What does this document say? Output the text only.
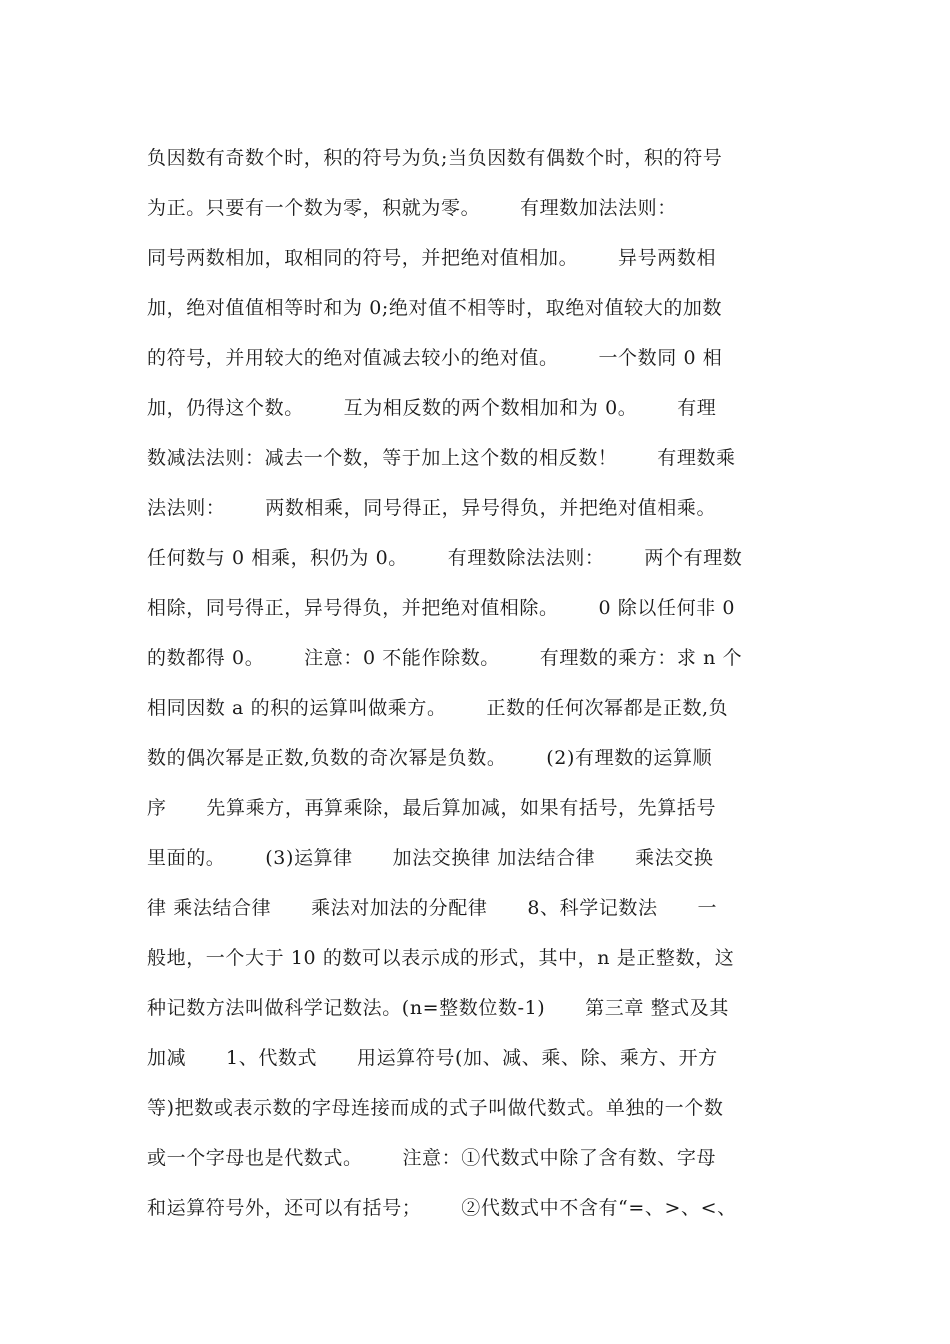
负因数有奇数个时，积的符号为负;当负因数有偶数个时，积的符号
为正。只要有一个数为零，积就为零。      有理数加法法则：
同号两数相加，取相同的符号，并把绝对值相加。      异号两数相
加，绝对值值相等时和为 0;绝对值不相等时，取绝对值较大的加数
的符号，并用较大的绝对值减去较小的绝对值。      一个数同 0 相
加，仍得这个数。      互为相反数的两个数相加和为 0。      有理
数减法法则：减去一个数，等于加上这个数的相反数！      有理数乘
法法则：      两数相乘，同号得正，异号得负，并把绝对值相乘。
任何数与 0 相乘，积仍为 0。      有理数除法法则：      两个有理数
相除，同号得正，异号得负，并把绝对值相除。      0 除以任何非 0
的数都得 0。      注意：0 不能作除数。      有理数的乘方：求 n 个
相同因数 a 的积的运算叫做乘方。      正数的任何次幂都是正数,负
数的偶次幂是正数,负数的奇次幂是负数。      (2)有理数的运算顺
序      先算乘方，再算乘除，最后算加减，如果有括号，先算括号
里面的。      (3)运算律      加法交换律 加法结合律      乘法交换
律 乘法结合律      乘法对加法的分配律      8、科学记数法      一
般地，一个大于 10 的数可以表示成的形式，其中，n 是正整数，这
种记数方法叫做科学记数法。(n=整数位数-1)      第三章 整式及其
加减      1、代数式      用运算符号(加、减、乘、除、乘方、开方
等)把数或表示数的字母连接而成的式子叫做代数式。单独的一个数
或一个字母也是代数式。      注意：①代数式中除了含有数、字母
和运算符号外，还可以有括号；      ②代数式中不含有“=、>、<、
